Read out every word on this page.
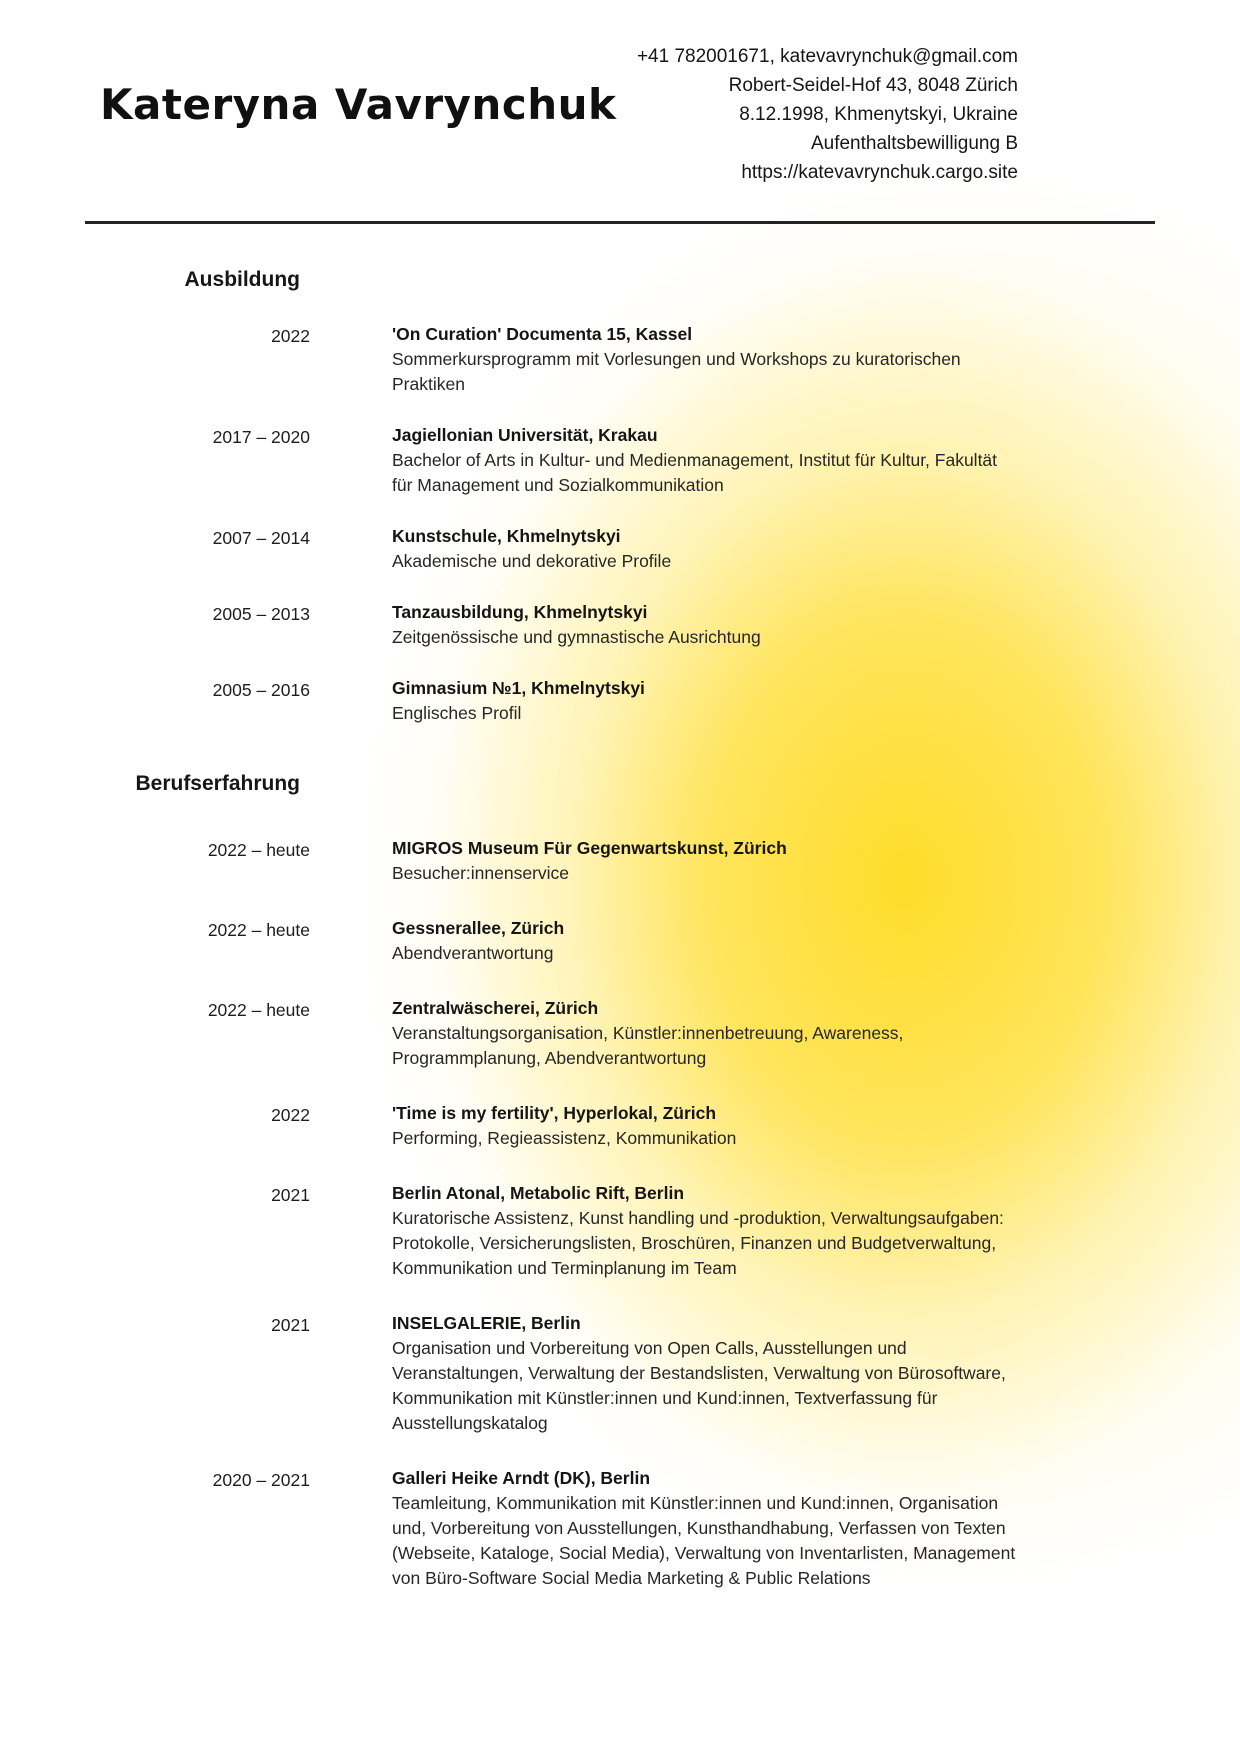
Kateryna Vavrynchuk
+41 782001671, katevavrynchuk@gmail.com
Robert-Seidel-Hof 43, 8048 Zürich
8.12.1998, Khmenytskyi, Ukraine
Aufenthaltsbewilligung B
https://katevavrynchuk.cargo.site
Ausbildung
2022	'On Curation' Documenta 15, Kassel
Sommerkursprogramm mit Vorlesungen und Workshops zu kuratorischen Praktiken
2017 – 2020	Jagiellonian Universität, Krakau
Bachelor of Arts in Kultur- und Medienmanagement, Institut für Kultur, Fakultät für Management und Sozialkommunikation
2007 – 2014	Kunstschule, Khmelnytskyi
Akademische und dekorative Profile
2005 – 2013	Tanzausbildung, Khmelnytskyi
Zeitgenössische und gymnastische Ausrichtung
2005 – 2016	Gimnasium №1, Khmelnytskyi
Englisches Profil
Berufserfahrung
2022 – heute	MIGROS Museum Für Gegenwartskunst, Zürich
Besucher:innenservice
2022 – heute	Gessnerallee, Zürich
Abendverantwortung
2022 – heute	Zentralwäscherei, Zürich
Veranstaltungsorganisation, Künstler:innenbetreuung, Awareness, Programmplanung, Abendverantwortung
2022	'Time is my fertility', Hyperlokal, Zürich
Performing, Regieassistenz, Kommunikation
2021	Berlin Atonal, Metabolic Rift, Berlin
Kuratorische Assistenz, Kunst handling und -produktion, Verwaltungsaufgaben: Protokolle, Versicherungslisten, Broschüren, Finanzen und Budgetverwaltung, Kommunikation und Terminplanung im Team
2021	INSELGALERIE, Berlin
Organisation und Vorbereitung von Open Calls, Ausstellungen und Veranstaltungen, Verwaltung der Bestandslisten, Verwaltung von Bürosoftware, Kommunikation mit Künstler:innen und Kund:innen, Textverfassung für Ausstellungskatalog
2020 – 2021	Galleri Heike Arndt (DK), Berlin
Teamleitung, Kommunikation mit Künstler:innen und Kund:innen, Organisation und, Vorbereitung von Ausstellungen, Kunsthandhabung, Verfassen von Texten (Webseite, Kataloge, Social Media), Verwaltung von Inventarlisten, Management von Büro-Software Social Media Marketing & Public Relations
